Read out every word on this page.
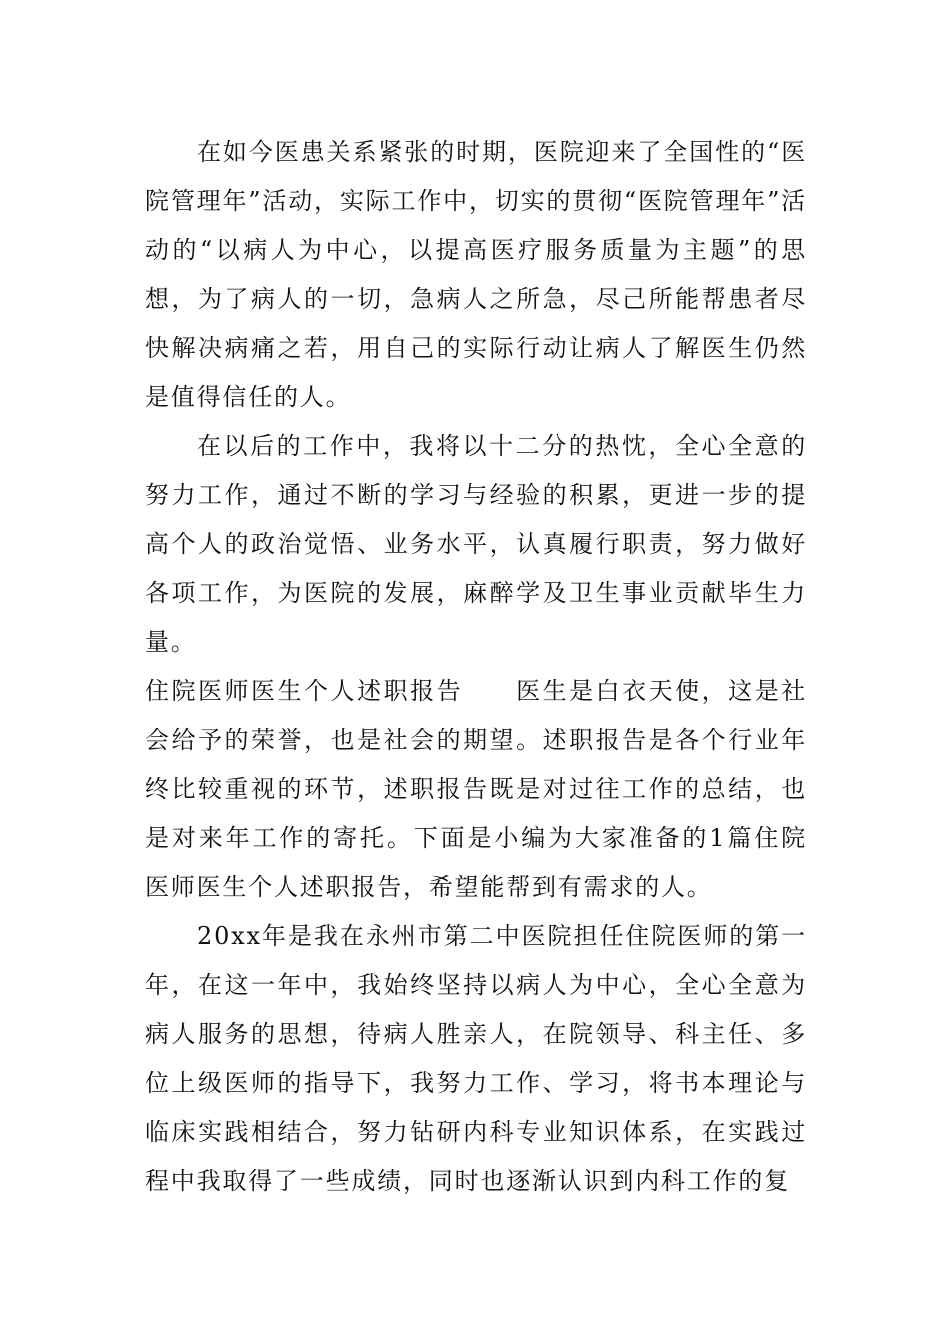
在如今医患关系紧张的时期，医院迎来了全国性的“医院管理年”活动，实际工作中，切实的贯彻“医院管理年”活动的“以病人为中心，以提高医疗服务质量为主题”的思想，为了病人的一切，急病人之所急，尽己所能帮患者尽快解决病痛之若，用自己的实际行动让病人了解医生仍然是值得信任的人。

在以后的工作中，我将以十二分的热忱，全心全意的努力工作，通过不断的学习与经验的积累，更进一步的提高个人的政治觉悟、业务水平，认真履行职责，努力做好各项工作，为医院的发展，麻醉学及卫生事业贡献毕生力量。

住院医师医生个人述职报告　　医生是白衣天使，这是社会给予的荣誉，也是社会的期望。述职报告是各个行业年终比较重视的环节，述职报告既是对过往工作的总结，也是对来年工作的寄托。下面是小编为大家准备的1篇住院医师医生个人述职报告，希望能帮到有需求的人。

20xx年是我在永州市第二中医院担任住院医师的第一年，在这一年中，我始终坚持以病人为中心，全心全意为病人服务的思想，待病人胜亲人，在院领导、科主任、多位上级医师的指导下，我努力工作、学习，将书本理论与临床实践相结合，努力钻研内科专业知识体系，在实践过程中我取得了一些成绩，同时也逐渐认识到内科工作的复
